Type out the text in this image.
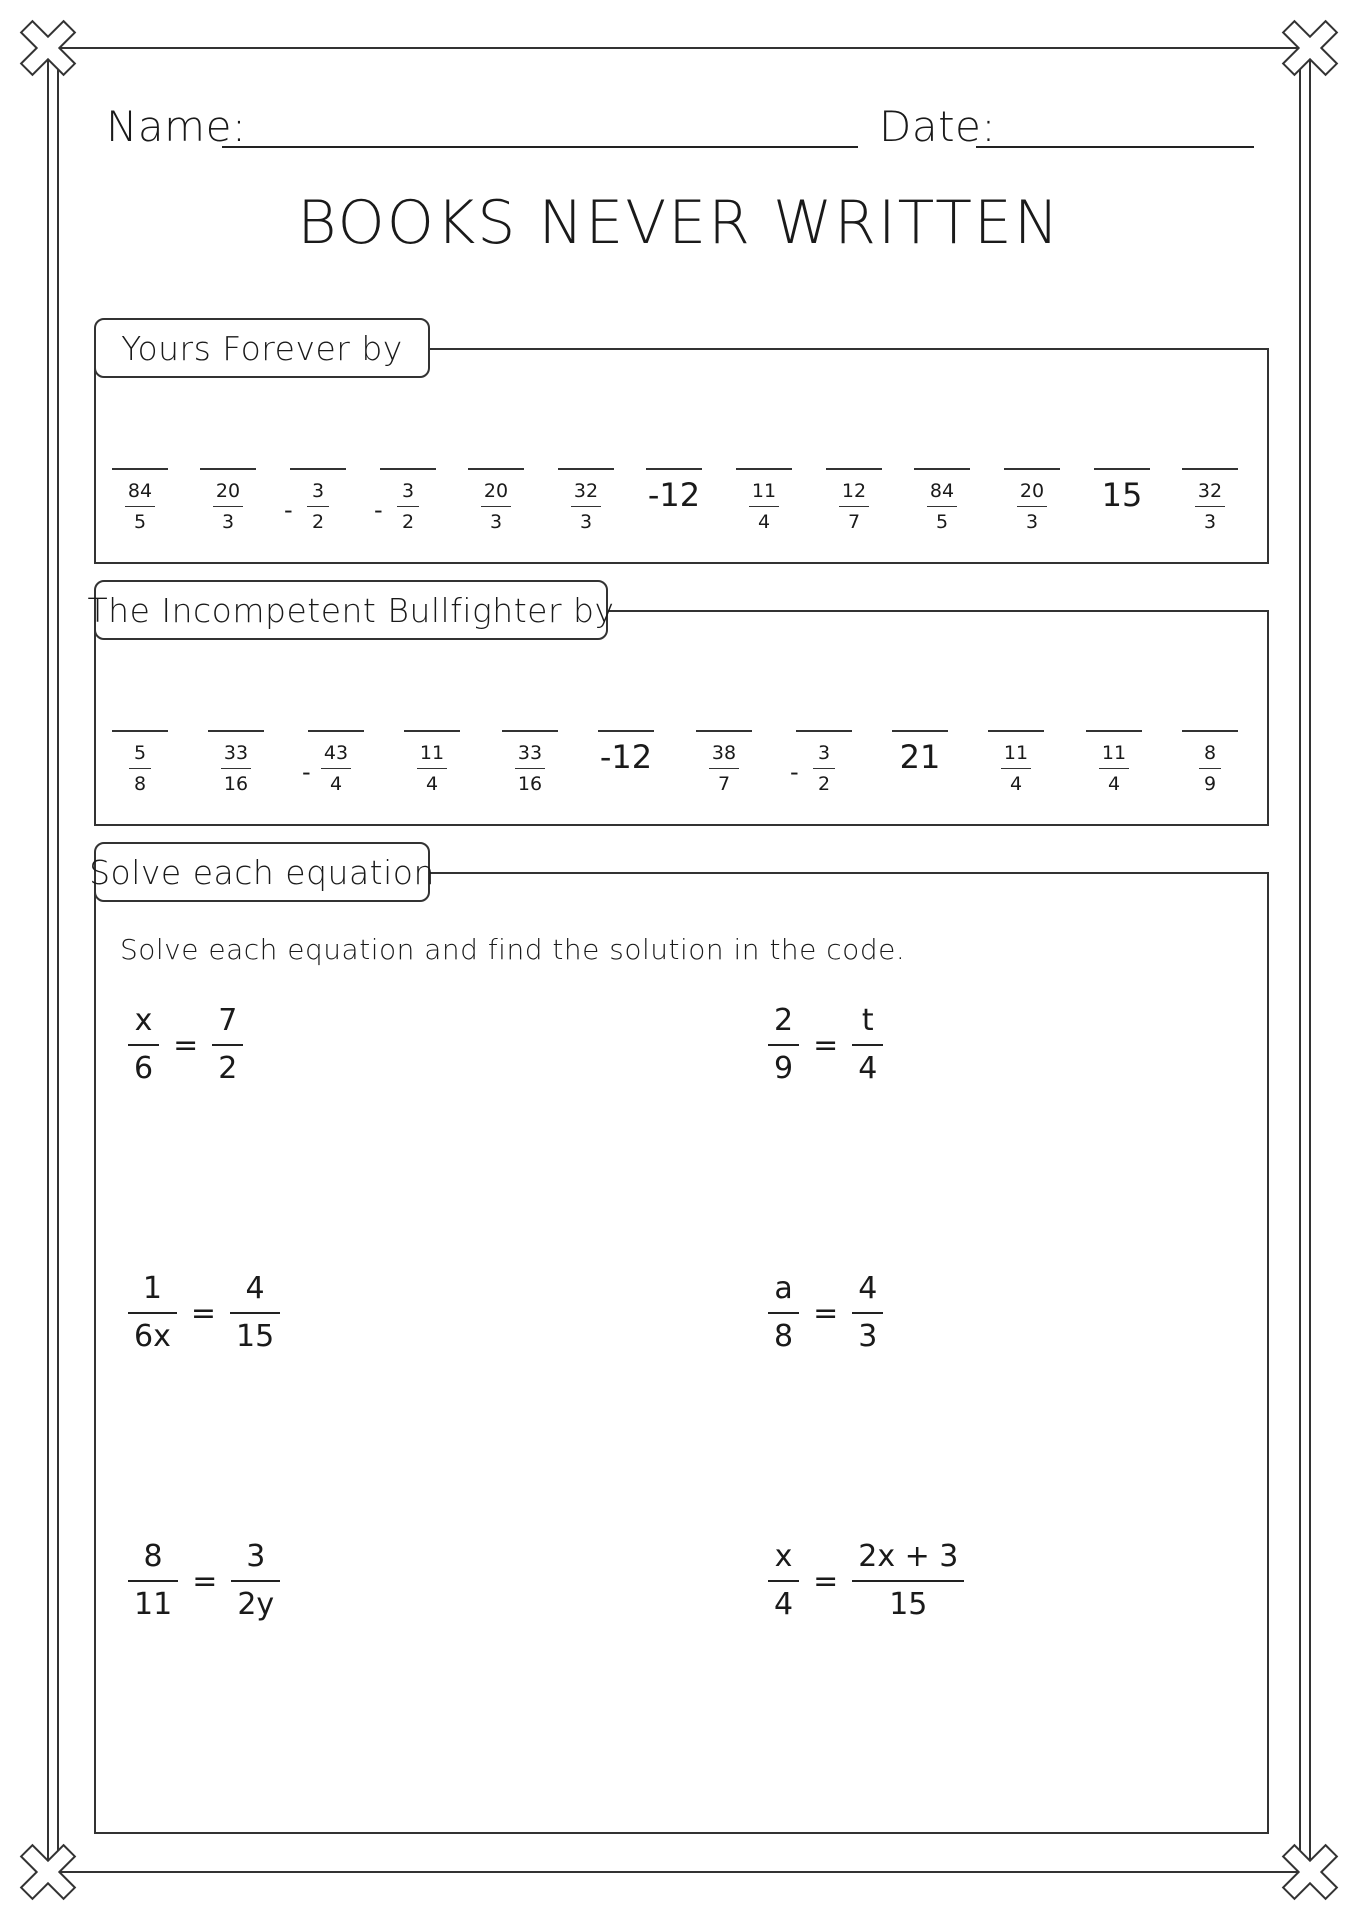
Name:	Date:
BOOKS NEVER WRITTEN
84
5
20
3
3
2
-
3
2
-
20
3
32
3
-12	11
4
12
7
84
5
20
3
15	32
3
Yours Forever by
5
8
33
16
43
4
-
11
4
33
16
-12	38
7
3
2
-	21	11
4
11
4
8
9
The Incompetent Bullfighter by
Solve each equation
Solve each equation and find the solution in the code.
$\frac{x}{6} = \frac{7}{2}$	$\frac{2}{9} = \frac{t}{4}$
$\frac{1}{6x} = \frac{4}{15}$	$\frac{a}{8} = \frac{4}{3}$
$\frac{8}{11} = \frac{3}{2y}$	$\frac{x}{4} = \frac{2x + 3}{15}$
